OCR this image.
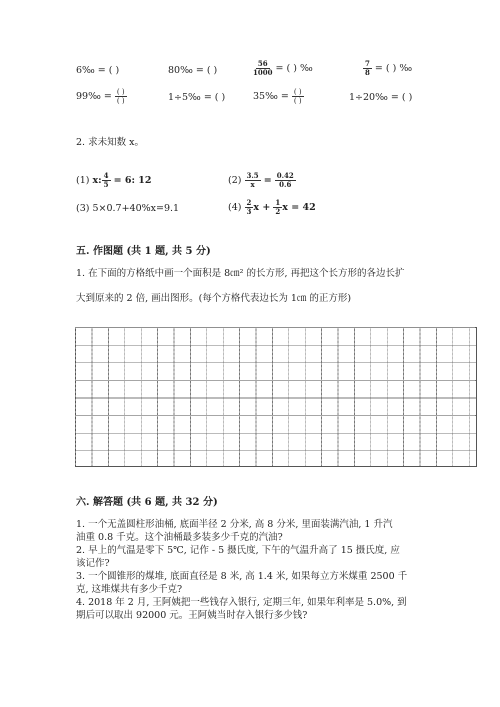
6‰ = ( )	80‰ = ( )	$\frac{56}{1000}$ = ( ) ‰	$\frac{7}{8}$ = ( ) ‰
99‰ = $\frac{( )}{( )}$	1÷5‰ = ( )	35‰ = $\frac{( )}{( )}$	1÷20‰ = ( )
2. 求未知数 x。
(1) x: $\frac{4}{5} = 6$: 12	$(2) \frac{3.5}{x} = \frac{0.42}{0.6}$
(3) 5×0.7+40%x=9.1	$(4) \frac{2}{3}$ $x + \frac{1}{2}$ x = 42
五. 作图题 (共 1 题, 共 5 分)
1. 在下面的方格纸中画一个面积是 8㎝² 的长方形, 再把这个长方形的各边长扩
大到原来的 2 倍, 画出图形。(每个方格代表边长为 1㎝ 的正方形)
六. 解答题 (共 6 题, 共 32 分)
1. 一个无盖圆柱形油桶, 底面半径 2 分米, 高 8 分米, 里面装满汽油, 1 升汽
油重 0.8 千克。这个油桶最多装多少千克的汽油?
2. 早上的气温是零下 5℃, 记作 - 5 摄氏度, 下午的气温升高了 15 摄氏度, 应
该记作?
3. 一个圆锥形的煤堆, 底面直径是 8 米, 高 1.4 米, 如果每立方米煤重 2500 千
克, 这堆煤共有多少千克?
4. 2018 年 2 月, 王阿姨把一些钱存入银行, 定期三年, 如果年利率是 5.0%, 到
期后可以取出 92000 元。王阿姨当时存入银行多少钱?
